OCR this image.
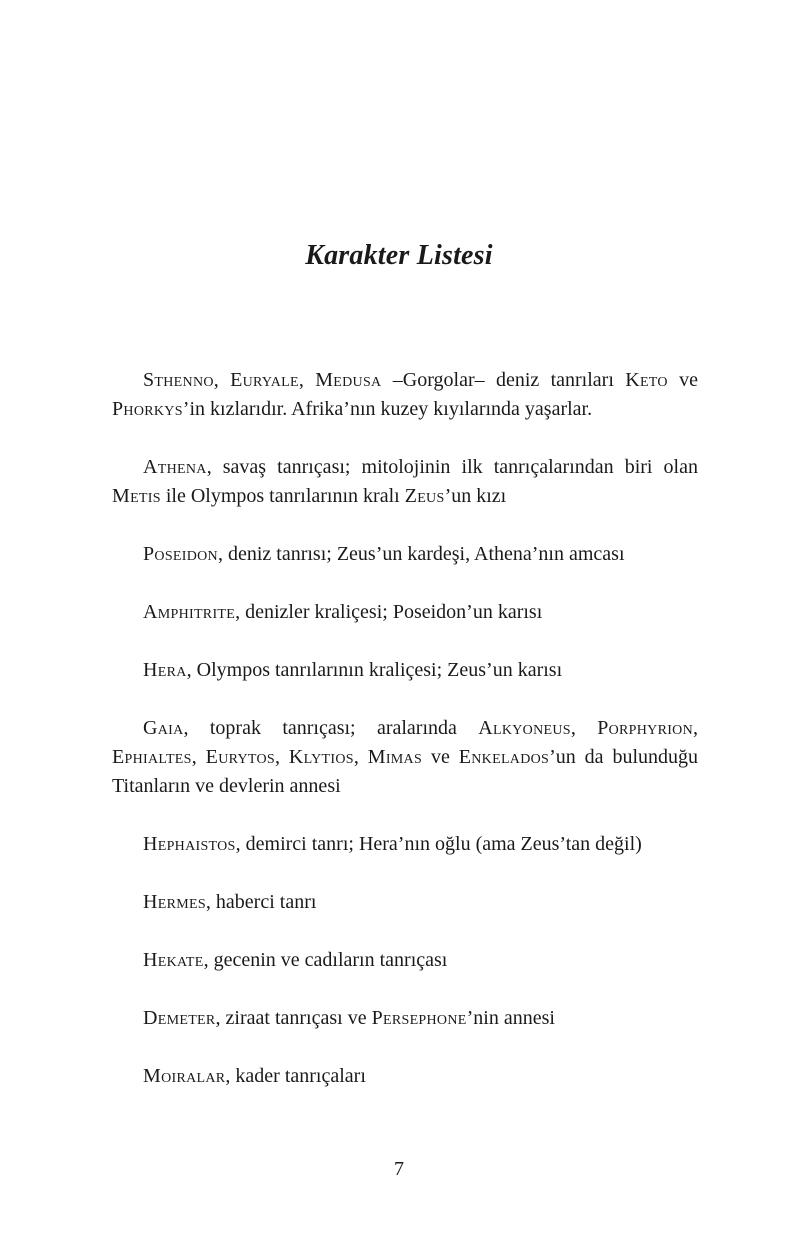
Karakter Listesi

Sthenno, Euryale, Medusa –Gorgolar– deniz tanrıları Keto ve Phorkys’in kızlarıdır. Afrika’nın kuzey kıyılarında yaşarlar.

Athena, savaş tanrıçası; mitolojinin ilk tanrıçalarından biri olan Metis ile Olympos tanrılarının kralı Zeus’un kızı

Poseidon, deniz tanrısı; Zeus’un kardeşi, Athena’nın amcası

Amphitrite, denizler kraliçesi; Poseidon’un karısı

Hera, Olympos tanrılarının kraliçesi; Zeus’un karısı

Gaia, toprak tanrıçası; aralarında Alkyoneus, Porphyrion, Ephialtes, Eurytos, Klytios, Mimas ve Enkelados’un da bulunduğu Titanların ve devlerin annesi

Hephaistos, demirci tanrı; Hera’nın oğlu (ama Zeus’tan değil)

Hermes, haberci tanrı

Hekate, gecenin ve cadıların tanrıçası

Demeter, ziraat tanrıçası ve Persephone’nin annesi

Moiralar, kader tanrıçaları

7
